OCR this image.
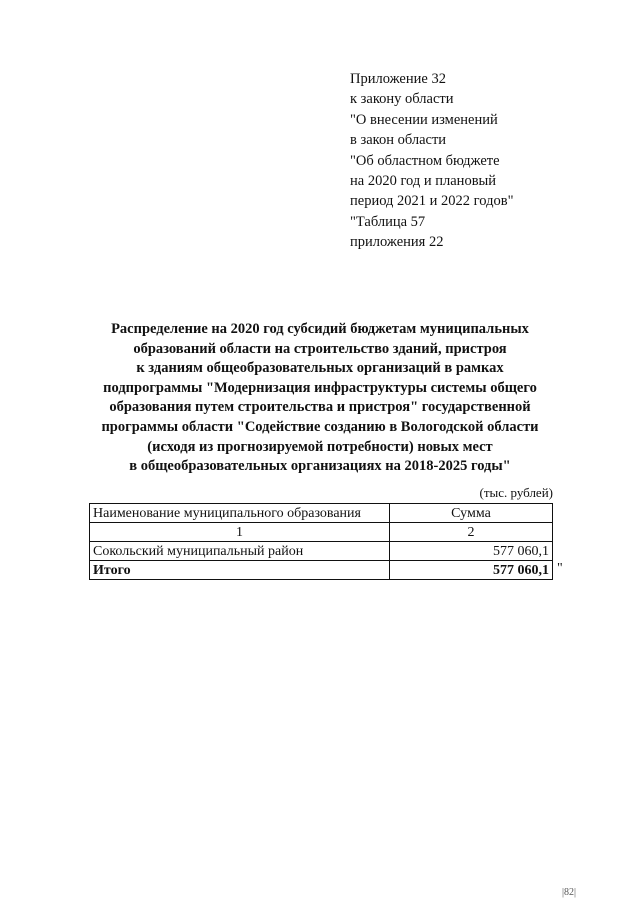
Приложение 32
к закону области
"О внесении изменений
в закон области
"Об областном бюджете
на 2020 год и плановый
период 2021 и 2022 годов"
"Таблица 57
приложения 22
Распределение на 2020 год субсидий бюджетам муниципальных
образований области на строительство зданий, пристроя
к зданиям общеобразовательных организаций в рамках
подпрограммы "Модернизация инфраструктуры системы общего
образования путем строительства и пристроя" государственной
программы области "Содействие созданию в Вологодской области
(исходя из прогнозируемой потребности) новых мест
в общеобразовательных организациях на 2018-2025 годы"
(тыс. рублей)
Наименование муниципального образования	Сумма
1	2
Сокольский муниципальный район	577 060,1
Итого	577 060,1 "
|82|
